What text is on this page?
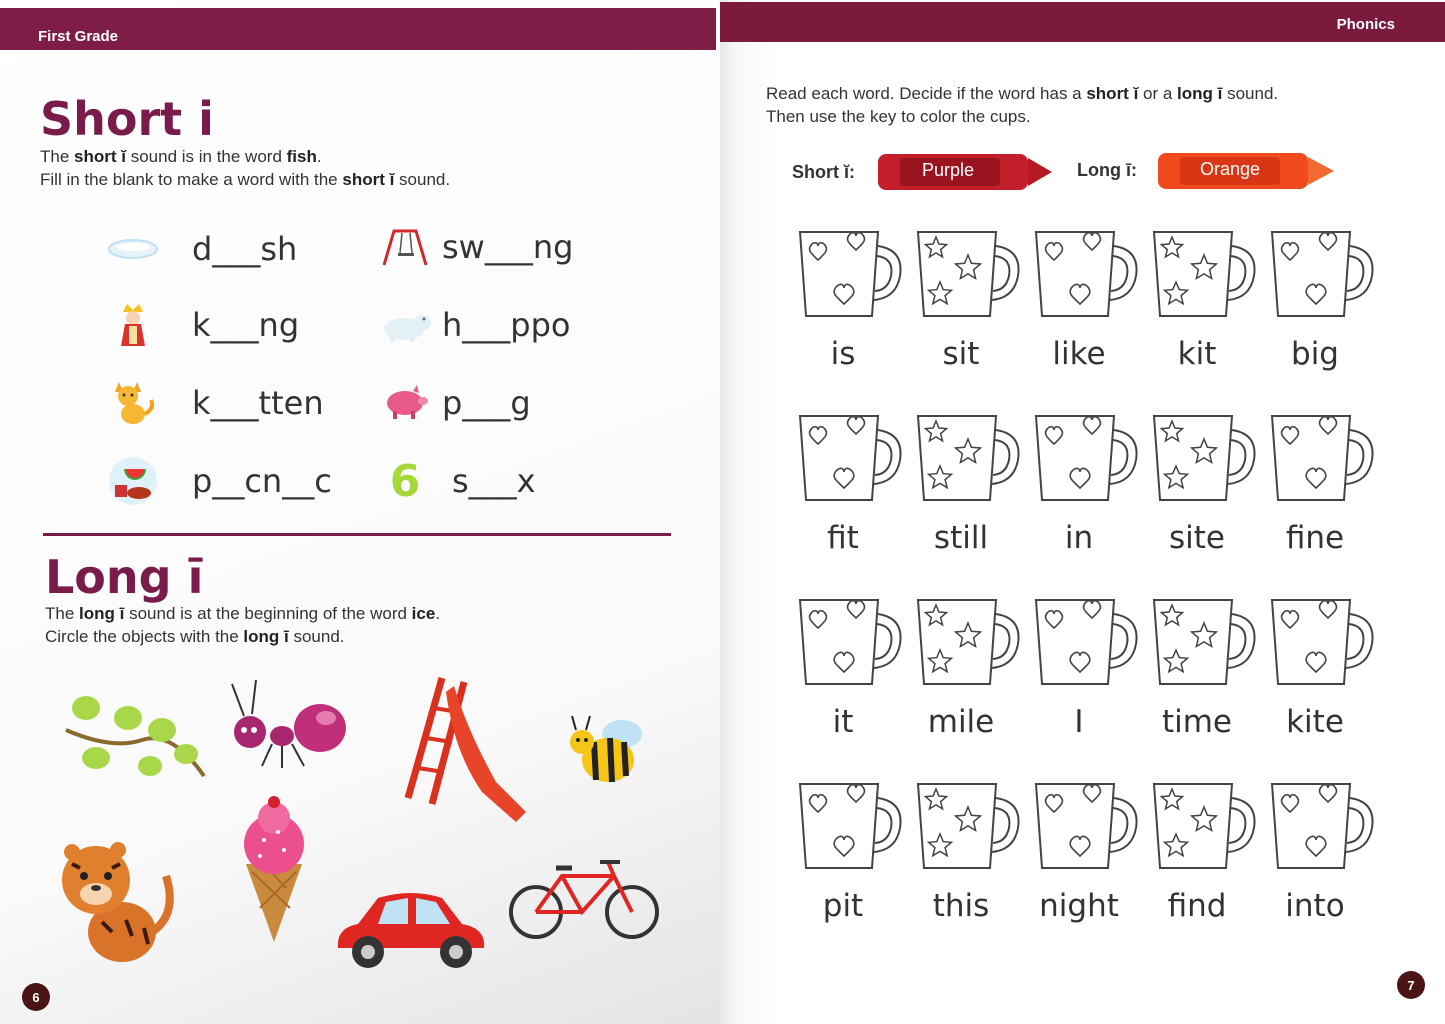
First Grade
Short i
The short ĭ sound is in the word fish.
Fill in the blank to make a word with the short ĭ sound.
d___sh	sw___ng
k___ng	h___ppo
k___tten	p___g
p__cn__c 6 s___x
Long ī
The long ī sound is at the beginning of the word ice.
Circle the objects with the long ī sound.
6
Phonics
Read each word. Decide if the word has a short ĭ or a long ī sound.
Then use the key to color the cups.
Short ĭ:	Purple	Long ī:	Orange
is	sit	like	kit	big
fit	still	in	site	fine
it	mile	I	time	kite
pit	this	night	find	into
7
